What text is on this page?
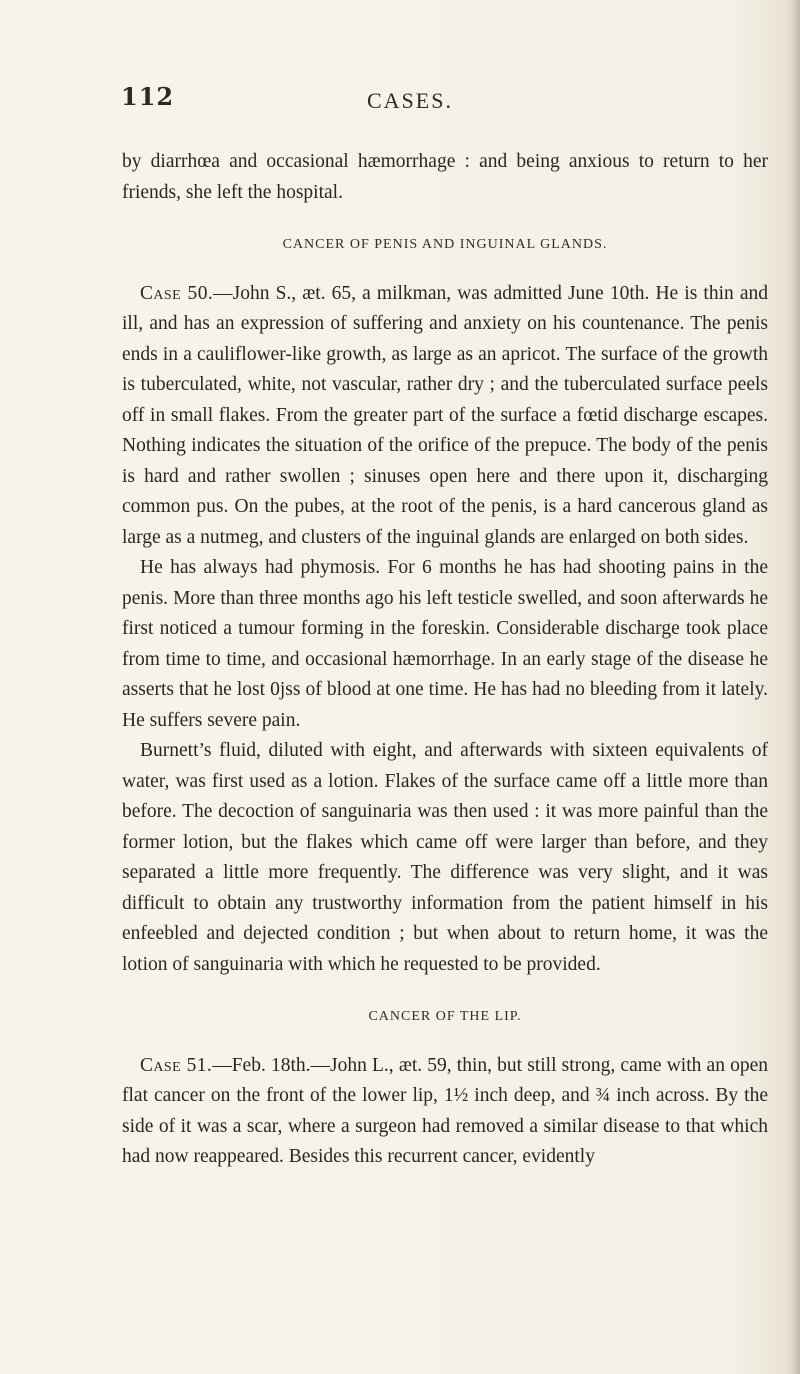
112	CASES.

by diarrhœa and occasional hæmorrhage : and being anxious to return to her friends, she left the hospital.

CANCER OF PENIS AND INGUINAL GLANDS.

Case 50.—John S., æt. 65, a milkman, was admitted June 10th. He is thin and ill, and has an expression of suffering and anxiety on his countenance. The penis ends in a cauliflower-like growth, as large as an apricot. The surface of the growth is tuberculated, white, not vascular, rather dry ; and the tuberculated surface peels off in small flakes. From the greater part of the surface a fœtid discharge escapes. Nothing indicates the situation of the orifice of the prepuce. The body of the penis is hard and rather swollen ; sinuses open here and there upon it, discharging common pus. On the pubes, at the root of the penis, is a hard cancerous gland as large as a nutmeg, and clusters of the inguinal glands are enlarged on both sides.

He has always had phymosis. For 6 months he has had shooting pains in the penis. More than three months ago his left testicle swelled, and soon afterwards he first noticed a tumour forming in the foreskin. Considerable discharge took place from time to time, and occasional hæmorrhage. In an early stage of the disease he asserts that he lost 0jss of blood at one time. He has had no bleeding from it lately. He suffers severe pain.

Burnett’s fluid, diluted with eight, and afterwards with sixteen equivalents of water, was first used as a lotion. Flakes of the surface came off a little more than before. The decoction of sanguinaria was then used : it was more painful than the former lotion, but the flakes which came off were larger than before, and they separated a little more frequently. The difference was very slight, and it was difficult to obtain any trustworthy information from the patient himself in his enfeebled and dejected condition ; but when about to return home, it was the lotion of sanguinaria with which he requested to be provided.

CANCER OF THE LIP.

Case 51.—Feb. 18th.—John L., æt. 59, thin, but still strong, came with an open flat cancer on the front of the lower lip, 1½ inch deep, and ¾ inch across. By the side of it was a scar, where a surgeon had removed a similar disease to that which had now reappeared. Besides this recurrent cancer, evidently
